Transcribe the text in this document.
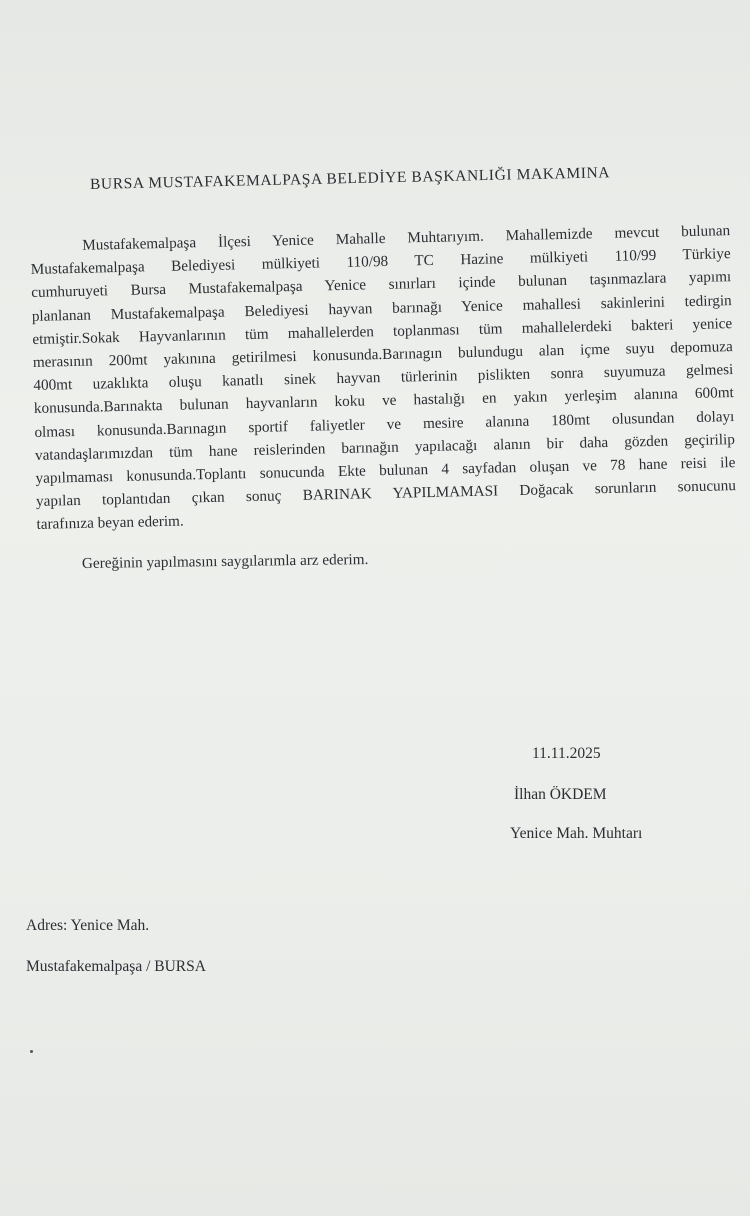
BURSA MUSTAFAKEMALPAŞA BELEDİYE BAŞKANLIĞI MAKAMINA
Mustafakemalpaşa İlçesi Yenice Mahalle Muhtarıyım. Mahallemizde mevcut bulunan
Mustafakemalpaşa Belediyesi mülkiyeti 110/98 TC Hazine mülkiyeti 110/99 Türkiye
cumhuruyeti Bursa Mustafakemalpaşa Yenice sınırları içinde bulunan taşınmazlara yapımı
planlanan Mustafakemalpaşa Belediyesi hayvan barınağı Yenice mahallesi sakinlerini tedirgin
etmiştir.Sokak Hayvanlarının tüm mahallelerden toplanması tüm mahallelerdeki bakteri yenice
merasının 200mt yakınına getirilmesi konusunda.Barınagın bulundugu alan içme suyu depomuza
400mt uzaklıkta oluşu kanatlı sinek hayvan türlerinin pislikten sonra suyumuza gelmesi
konusunda.Barınakta bulunan hayvanların koku ve hastalığı en yakın yerleşim alanına 600mt
olması konusunda.Barınagın sportif faliyetler ve mesire alanına 180mt olusundan dolayı
vatandaşlarımızdan tüm hane reislerinden barınağın yapılacağı alanın bir daha gözden geçirilip
yapılmaması konusunda.Toplantı sonucunda Ekte bulunan 4 sayfadan oluşan ve 78 hane reisi ile
yapılan toplantıdan çıkan sonuç BARINAK YAPILMAMASI Doğacak sorunların sonucunu
tarafınıza beyan ederim.
Gereğinin yapılmasını saygılarımla arz ederim.
11.11.2025
İlhan ÖKDEM
Yenice Mah. Muhtarı
Adres: Yenice Mah.
Mustafakemalpaşa / BURSA
